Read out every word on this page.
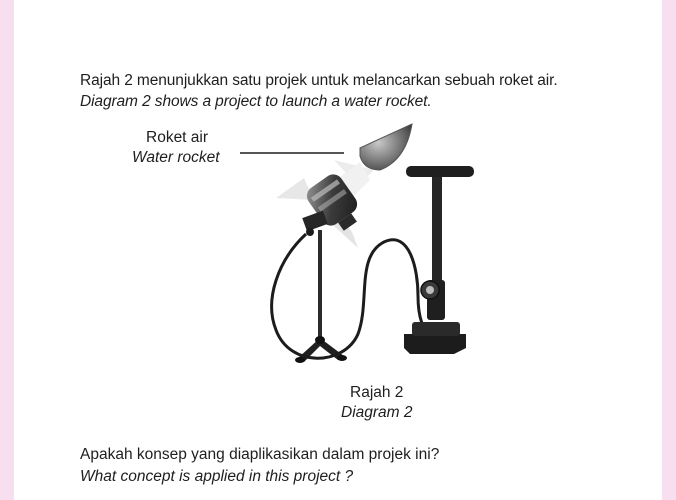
Rajah 2 menunjukkan satu projek untuk melancarkan sebuah roket air.
Diagram 2 shows a project to launch a water rocket.
Roket air
Water rocket
Rajah 2
Diagram 2
Apakah konsep yang diaplikasikan dalam projek ini?
What concept is applied in this project ?
